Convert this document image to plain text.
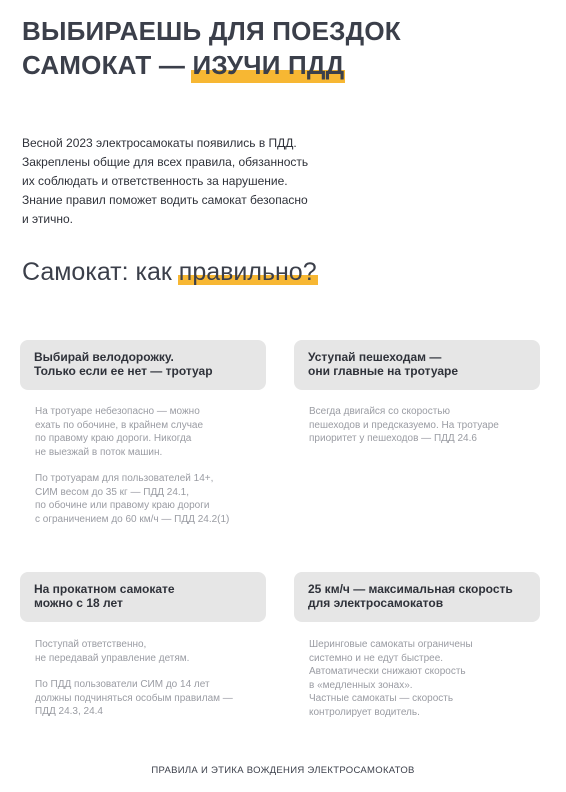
ВЫБИРАЕШЬ ДЛЯ ПОЕЗДОК
САМОКАТ — ИЗУЧИ ПДД
Весной 2023 электросамокаты появились в ПДД.
Закреплены общие для всех правила, обязанность
их соблюдать и ответственность за нарушение.
Знание правил поможет водить самокат безопасно
и этично.
Самокат: как правильно?
Выбирай велодорожку.
Только если ее нет — тротуар

На тротуаре небезопасно — можно
ехать по обочине, в крайнем случае
по правому краю дороги. Никогда
не выезжай в поток машин.

По тротуарам для пользователей 14+,
СИМ весом до 35 кг — ПДД 24.1,
по обочине или правому краю дороги
с ограничением до 60 км/ч — ПДД 24.2(1)

Уступай пешеходам —
они главные на тротуаре

Всегда двигайся со скоростью
пешеходов и предсказуемо. На тротуаре
приоритет у пешеходов — ПДД 24.6

На прокатном самокате
можно с 18 лет

Поступай ответственно,
не передавай управление детям.

По ПДД пользователи СИМ до 14 лет
должны подчиняться особым правилам —
ПДД 24.3, 24.4

25 км/ч — максимальная скорость
для электросамокатов

Шеринговые самокаты ограничены
системно и не едут быстрее.
Автоматически снижают скорость
в «медленных зонах».
Частные самокаты — скорость
контролирует водитель.

ПРАВИЛА И ЭТИКА ВОЖДЕНИЯ ЭЛЕКТРОСАМОКАТОВ
